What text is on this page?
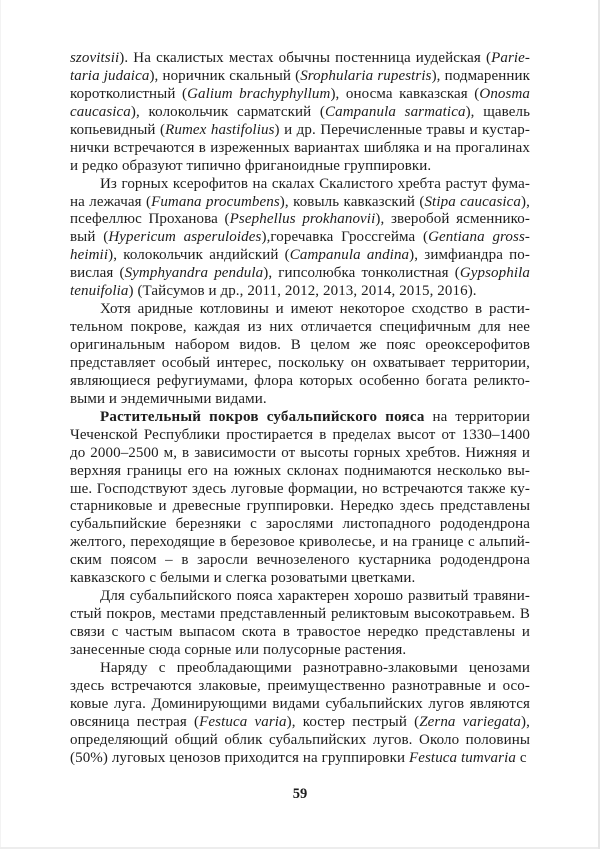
szovitsii). На скалистых местах обычны постенница иудейская (Parie-
taria judaica), норичник скальный (Srophularia rupestris), подмаренник
коротколистный (Galium brachyphyllum), оносма кавказская (Onosma
caucasica), колокольчик сарматский (Campanula sarmatica), щавель
копьевидный (Rumex hastifolius) и др. Перечисленные травы и кустар-
нички встречаются в изреженных вариантах шибляка и на прогалинах
и редко образуют типично фриганоидные группировки.
Из горных ксерофитов на скалах Скалистого хребта растут фума-
на лежачая (Fumana procumbens), ковыль кавказский (Stipa caucasica),
псефеллюс Проханова (Psephellus prokhanovii), зверобой ясменнико-
вый (Hypericum asperuloides),горечавка Гроссгейма (Gentiana gross-
heimii), колокольчик андийский (Campanula andina), зимфиандра по-
вислая (Symphyandra pendula), гипсолюбка тонколистная (Gypsophila
tenuifolia) (Тайсумов и др., 2011, 2012, 2013, 2014, 2015, 2016).
Хотя аридные котловины и имеют некоторое сходство в расти-
тельном покрове, каждая из них отличается специфичным для нее
оригинальным набором видов. В целом же пояс ореоксерофитов
представляет особый интерес, поскольку он охватывает территории,
являющиеся рефугиумами, флора которых особенно богата реликто-
выми и эндемичными видами.
Растительный покров субальпийского пояса на территории
Чеченской Республики простирается в пределах высот от 1330–1400
до 2000–2500 м, в зависимости от высоты горных хребтов. Нижняя и
верхняя границы его на южных склонах поднимаются несколько вы-
ше. Господствуют здесь луговые формации, но встречаются также ку-
старниковые и древесные группировки. Нередко здесь представлены
субальпийские березняки с зарослями листопадного рододендрона
желтого, переходящие в березовое криволесье, и на границе с альпий-
ским поясом – в заросли вечнозеленого кустарника рододендрона
кавказского с белыми и слегка розоватыми цветками.
Для субальпийского пояса характерен хорошо развитый травяни-
стый покров, местами представленный реликтовым высокотравьем. В
связи с частым выпасом скота в травостое нередко представлены и
занесенные сюда сорные или полусорные растения.
Наряду с преобладающими разнотравно-злаковыми ценозами
здесь встречаются злаковые, преимущественно разнотравные и осо-
ковые луга. Доминирующими видами субальпийских лугов являются
овсяница пестрая (Festuca varia), костер пестрый (Zerna variegata),
определяющий общий облик субальпийских лугов. Около половины
(50%) луговых ценозов приходится на группировки Festuca tumvaria с
59
